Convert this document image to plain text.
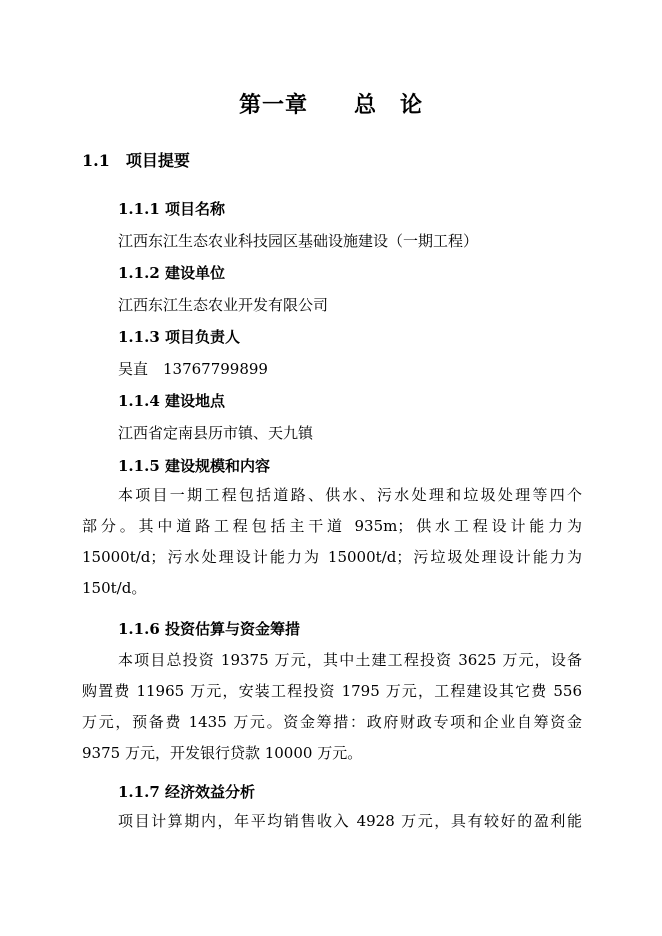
第一章　　总　论
1.1　项目提要
1.1.1 项目名称
江西东江生态农业科技园区基础设施建设（一期工程）
1.1.2 建设单位
江西东江生态农业开发有限公司
1.1.3 项目负责人
吴直　13767799899
1.1.4 建设地点
江西省定南县历市镇、天九镇
1.1.5 建设规模和内容
本项目一期工程包括道路、供水、污水处理和垃圾处理等四个
部分。其中道路工程包括主干道 935m；供水工程设计能力为
15000t/d；污水处理设计能力为 15000t/d；污垃圾处理设计能力为
150t/d。
1.1.6 投资估算与资金筹措
本项目总投资 19375 万元，其中土建工程投资 3625 万元，设备
购置费 11965 万元，安装工程投资 1795 万元，工程建设其它费 556
万元，预备费 1435 万元。资金筹措：政府财政专项和企业自筹资金
9375 万元，开发银行贷款 10000 万元。
1.1.7 经济效益分析
项目计算期内，年平均销售收入 4928 万元，具有较好的盈利能
